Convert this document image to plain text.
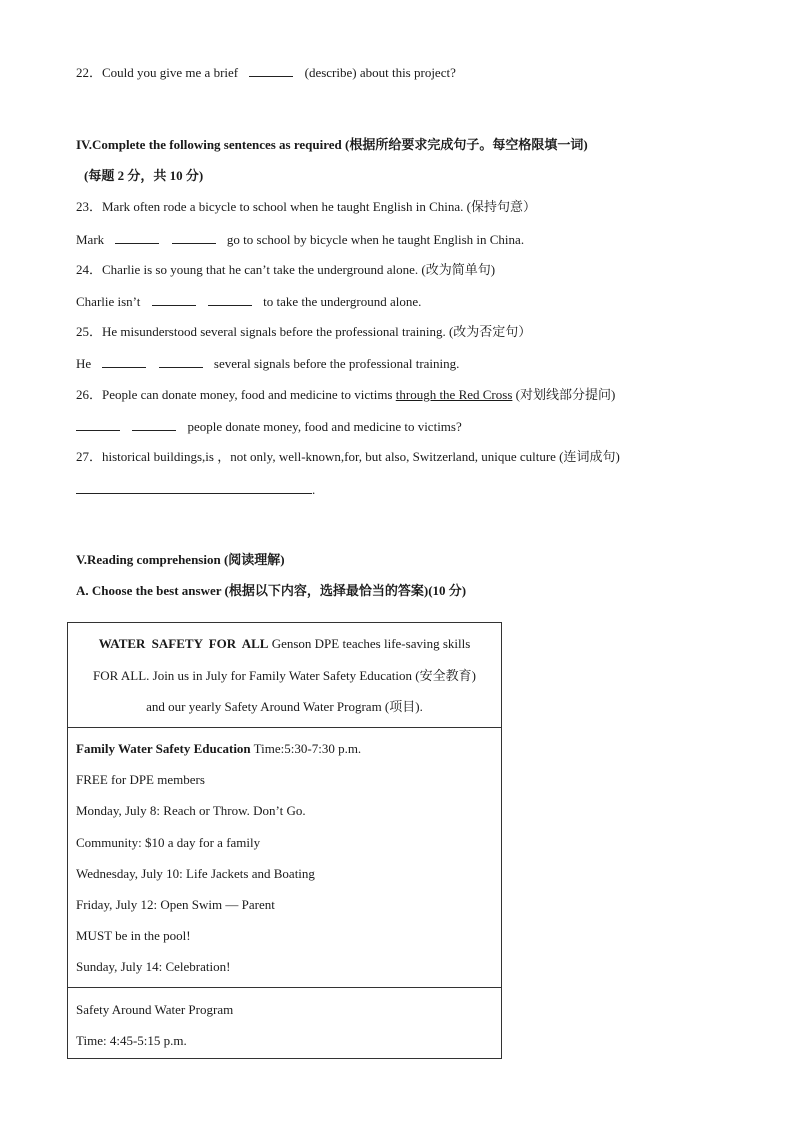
22．Could you give me a brief	(describe) about this project?
IV.Complete the following sentences as required (根据所给要求完成句子。每空格限填一词)
(每题 2 分，共 10 分)
23．Mark often rode a bicycle to school when he taught English in China. (保持句意）
Mark	go to school by bicycle when he taught English in China.
24．Charlie is so young that he can’t take the underground alone. (改为简单句)
Charlie isn’t	to take the underground alone.
25．He misunderstood several signals before the professional training. (改为否定句）
He	several signals before the professional training.
26．People can donate money, food and medicine to victims through the Red Cross (对划线部分提问)
people donate money, food and medicine to victims?
27．historical buildings,is ，not only, well-known,for, but also, Switzerland, unique culture (连词成句)
.
V.Reading comprehension (阅读理解)
A. Choose the best answer (根据以下内容，选择最恰当的答案)(10 分)
WATER SAFETY FOR ALL Genson DPE teaches life-saving skills
FOR ALL. Join us in July for Family Water Safety Education (安全教育)
and our yearly Safety Around Water Program (项目).
Family Water Safety Education Time:5:30-7:30 p.m.
FREE for DPE members
Monday, July 8: Reach or Throw. Don’t Go.
Community: $10 a day for a family
Wednesday, July 10: Life Jackets and Boating
Friday, July 12: Open Swim — Parent
MUST be in the pool!
Sunday, July 14: Celebration!
Safety Around Water Program
Time: 4:45-5:15 p.m.
